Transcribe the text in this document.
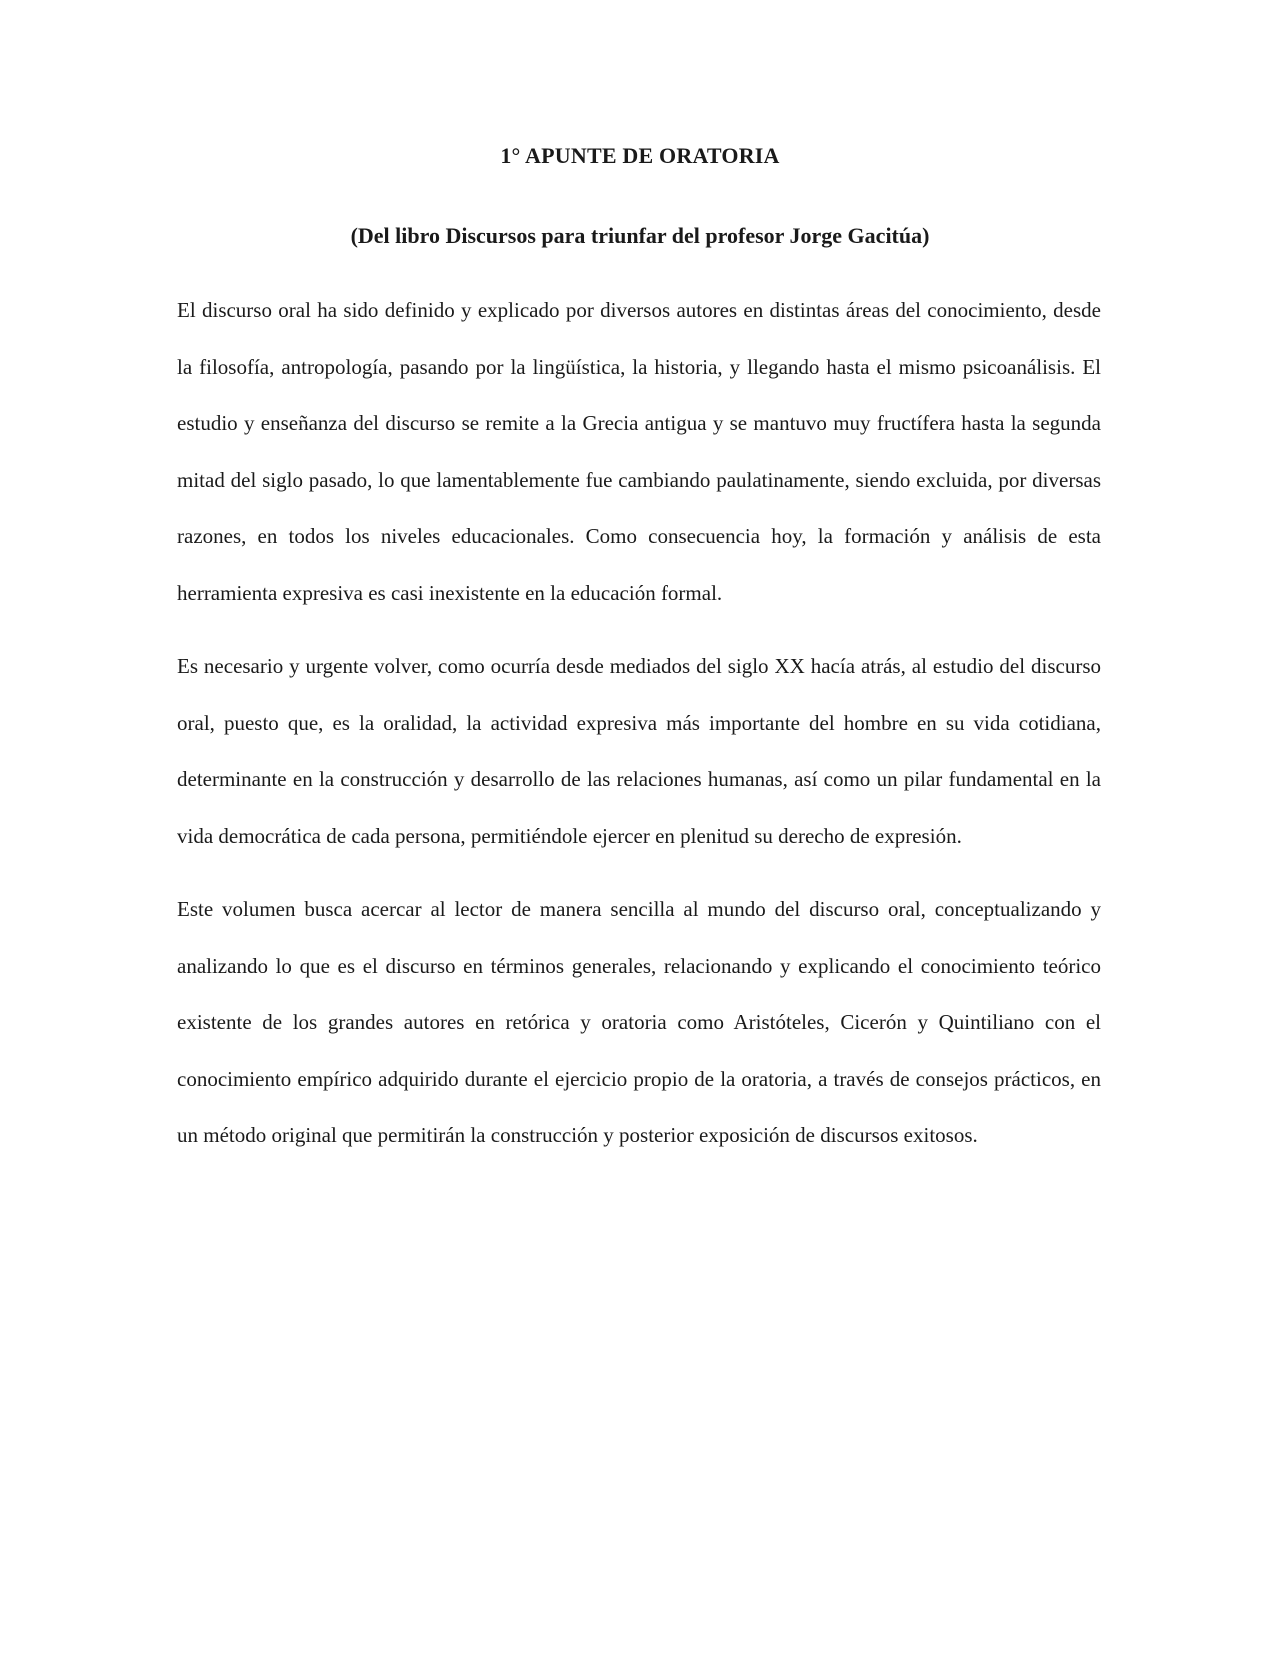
1° APUNTE DE ORATORIA
(Del libro Discursos para triunfar del profesor Jorge Gacitúa)

El discurso oral ha sido definido y explicado por diversos autores en distintas áreas del conocimiento, desde la filosofía, antropología, pasando por la lingüística, la historia, y llegando hasta el mismo psicoanálisis. El estudio y enseñanza del discurso se remite a la Grecia antigua y se mantuvo muy fructífera hasta la segunda mitad del siglo pasado, lo que lamentablemente fue cambiando paulatinamente, siendo excluida, por diversas razones, en todos los niveles educacionales. Como consecuencia hoy, la formación y análisis de esta herramienta expresiva es casi inexistente en la educación formal.

Es necesario y urgente volver, como ocurría desde mediados del siglo XX hacía atrás, al estudio del discurso oral, puesto que, es la oralidad, la actividad expresiva más importante del hombre en su vida cotidiana, determinante en la construcción y desarrollo de las relaciones humanas, así como un pilar fundamental en la vida democrática de cada persona, permitiéndole ejercer en plenitud su derecho de expresión.

Este volumen busca acercar al lector de manera sencilla al mundo del discurso oral, conceptualizando y analizando lo que es el discurso en términos generales, relacionando y explicando el conocimiento teórico existente de los grandes autores en retórica y oratoria como Aristóteles, Cicerón y Quintiliano con el conocimiento empírico adquirido durante el ejercicio propio de la oratoria, a través de consejos prácticos, en un método original que permitirán la construcción y posterior exposición de discursos exitosos.
